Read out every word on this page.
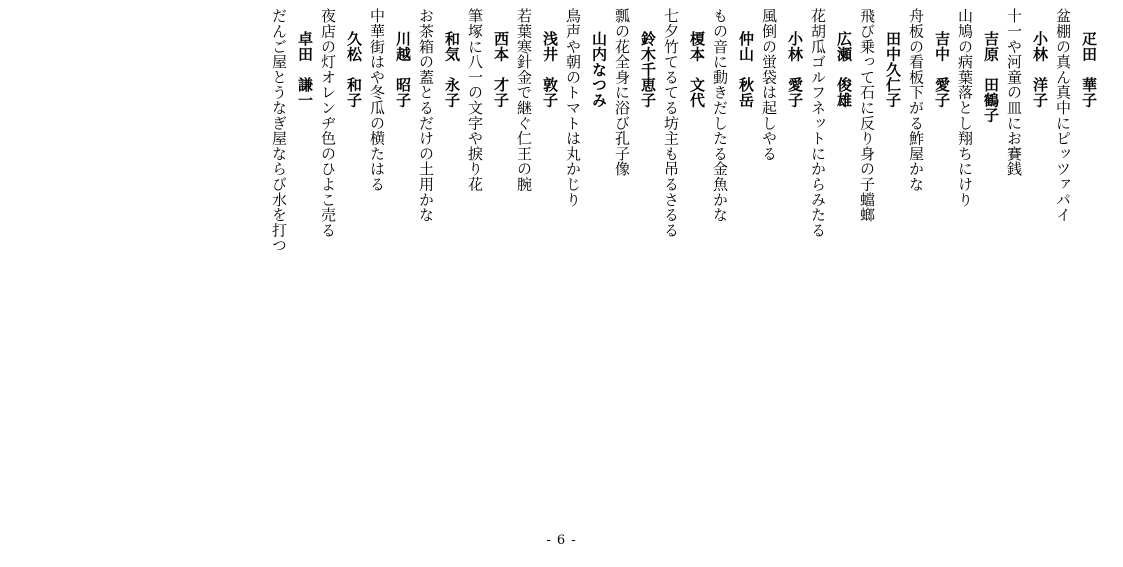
疋田　華子
盆棚の真ん真中にピッツァパイ
小林　洋子
十一や河童の皿にお賽銭
吉原　田鶴子
山鳩の病葉落とし翔ちにけり
吉中　愛子
舟板の看板下がる鮓屋かな
田中久仁子
飛び乗って石に反り身の子蟷螂
広瀬　俊雄
花胡瓜ゴルフネットにからみたる
小林　愛子
風倒の蛍袋は起しやる
仲山　秋岳
もの音に動きだしたる金魚かな
榎本　文代
七夕竹てるてる坊主も吊るさるる
鈴木千恵子
瓢の花全身に浴び孔子像
山内なつみ
鳥声や朝のトマトは丸かじり
浅井　敦子
若葉寒針金で継ぐ仁王の腕
西本　才子
筆塚に八一の文字や捩り花
和気　永子
お茶箱の蓋とるだけの土用かな
川越　昭子
中華街はや冬瓜の横たはる
久松　和子
夜店の灯オレンヂ色のひよこ売る
卓田　謙一
だんご屋とうなぎ屋ならび水を打つ
- 6 -
